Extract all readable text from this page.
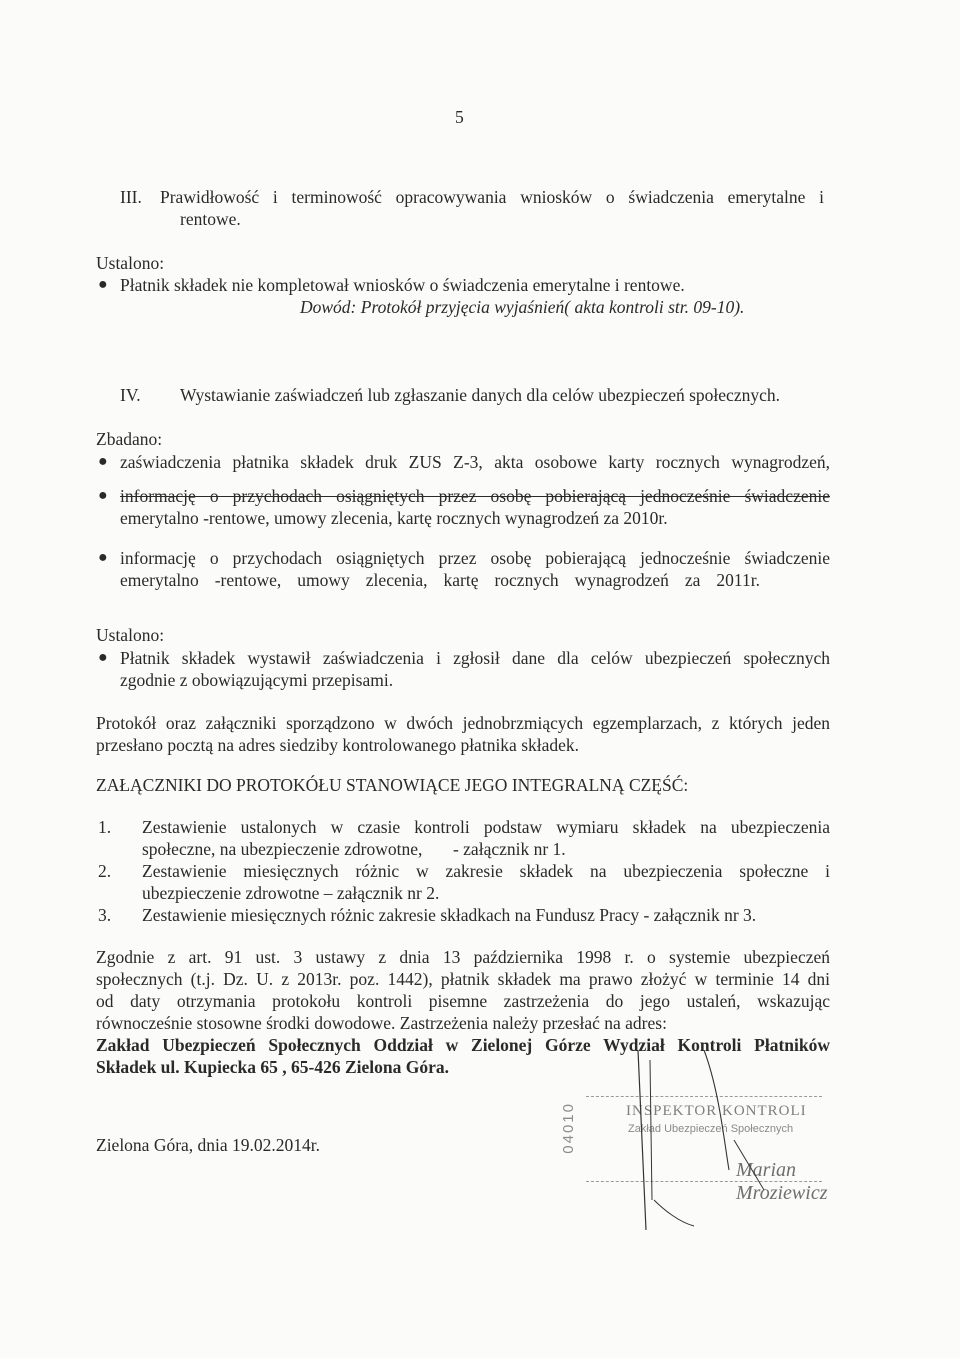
5
III. Prawidłowość i terminowość opracowywania wniosków o świadczenia emerytalne i
rentowe.
Ustalono:
● Płatnik składek nie kompletował wniosków o świadczenia emerytalne i rentowe.
Dowód: Protokół przyjęcia wyjaśnień( akta kontroli str. 09-10).
IV. Wystawianie zaświadczeń lub zgłaszanie danych dla celów ubezpieczeń społecznych.
Zbadano:
● zaświadczenia płatnika składek druk ZUS Z-3, akta osobowe karty rocznych wynagrodzeń,
● informację o przychodach osiągniętych przez osobę pobierającą jednocześnie świadczenie
emerytalno -rentowe, umowy zlecenia, kartę rocznych wynagrodzeń za 2010r.
● informację o przychodach osiągniętych przez osobę pobierającą jednocześnie świadczenie
emerytalno -rentowe, umowy zlecenia, kartę rocznych wynagrodzeń za 2011r.
Ustalono:
● Płatnik składek wystawił zaświadczenia i zgłosił dane dla celów ubezpieczeń społecznych
zgodnie z obowiązującymi przepisami.
Protokół oraz załączniki sporządzono w dwóch jednobrzmiących egzemplarzach, z których jeden
przesłano pocztą na adres siedziby kontrolowanego płatnika składek.
ZAŁĄCZNIKI DO PROTOKÓŁU STANOWIĄCE JEGO INTEGRALNĄ CZĘŚĆ:
1. Zestawienie ustalonych w czasie kontroli podstaw wymiaru składek na ubezpieczenia
społeczne, na ubezpieczenie zdrowotne,       - załącznik nr 1.
2. Zestawienie miesięcznych różnic w zakresie składek na ubezpieczenia społeczne i
ubezpieczenie zdrowotne – załącznik nr 2.
3. Zestawienie miesięcznych różnic zakresie składkach na Fundusz Pracy - załącznik nr 3.
Zgodnie z art. 91 ust. 3 ustawy z dnia 13 października 1998 r. o systemie ubezpieczeń
społecznych (t.j. Dz. U. z 2013r. poz. 1442), płatnik składek ma prawo złożyć w terminie 14 dni
od daty otrzymania protokołu kontroli pisemne zastrzeżenia do jego ustaleń, wskazując
równocześnie stosowne środki dowodowe. Zastrzeżenia należy przesłać na adres:
Zakład Ubezpieczeń Społecznych Oddział w Zielonej Górze Wydział Kontroli Płatników
Składek ul. Kupiecka 65 , 65-426 Zielona Góra.
Zielona Góra, dnia 19.02.2014r.	04010	INSPEKTOR KONTROLI
Zakład Ubezpieczeń Społecznych
Marian Mroziewicz
